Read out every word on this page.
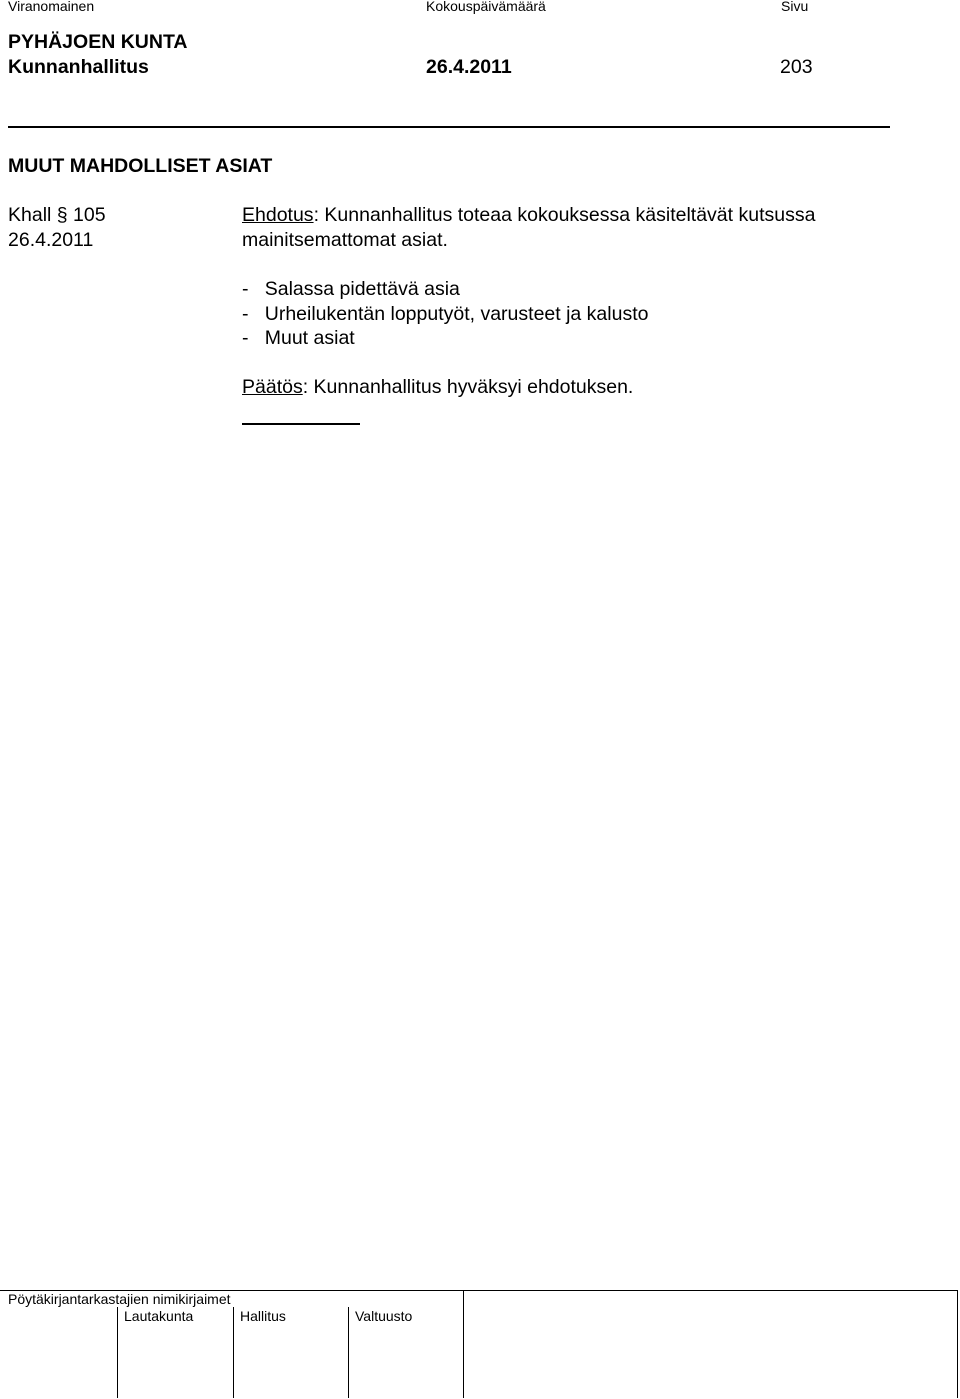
Viranomainen	Kokouspäivämäärä	Sivu
PYHÄJOEN KUNTA
Kunnanhallitus	26.4.2011	203
MUUT MAHDOLLISET ASIAT
Khall § 105
26.4.2011
Ehdotus: Kunnanhallitus toteaa kokouksessa käsiteltävät kutsussa
mainitsemattomat asiat.
-   Salassa pidettävä asia
-   Urheilukentän lopputyöt, varusteet ja kalusto
-   Muut asiat
Päätös: Kunnanhallitus hyväksyi ehdotuksen.
Pöytäkirjantarkastajien nimikirjaimet
Lautakunta	Hallitus	Valtuusto
